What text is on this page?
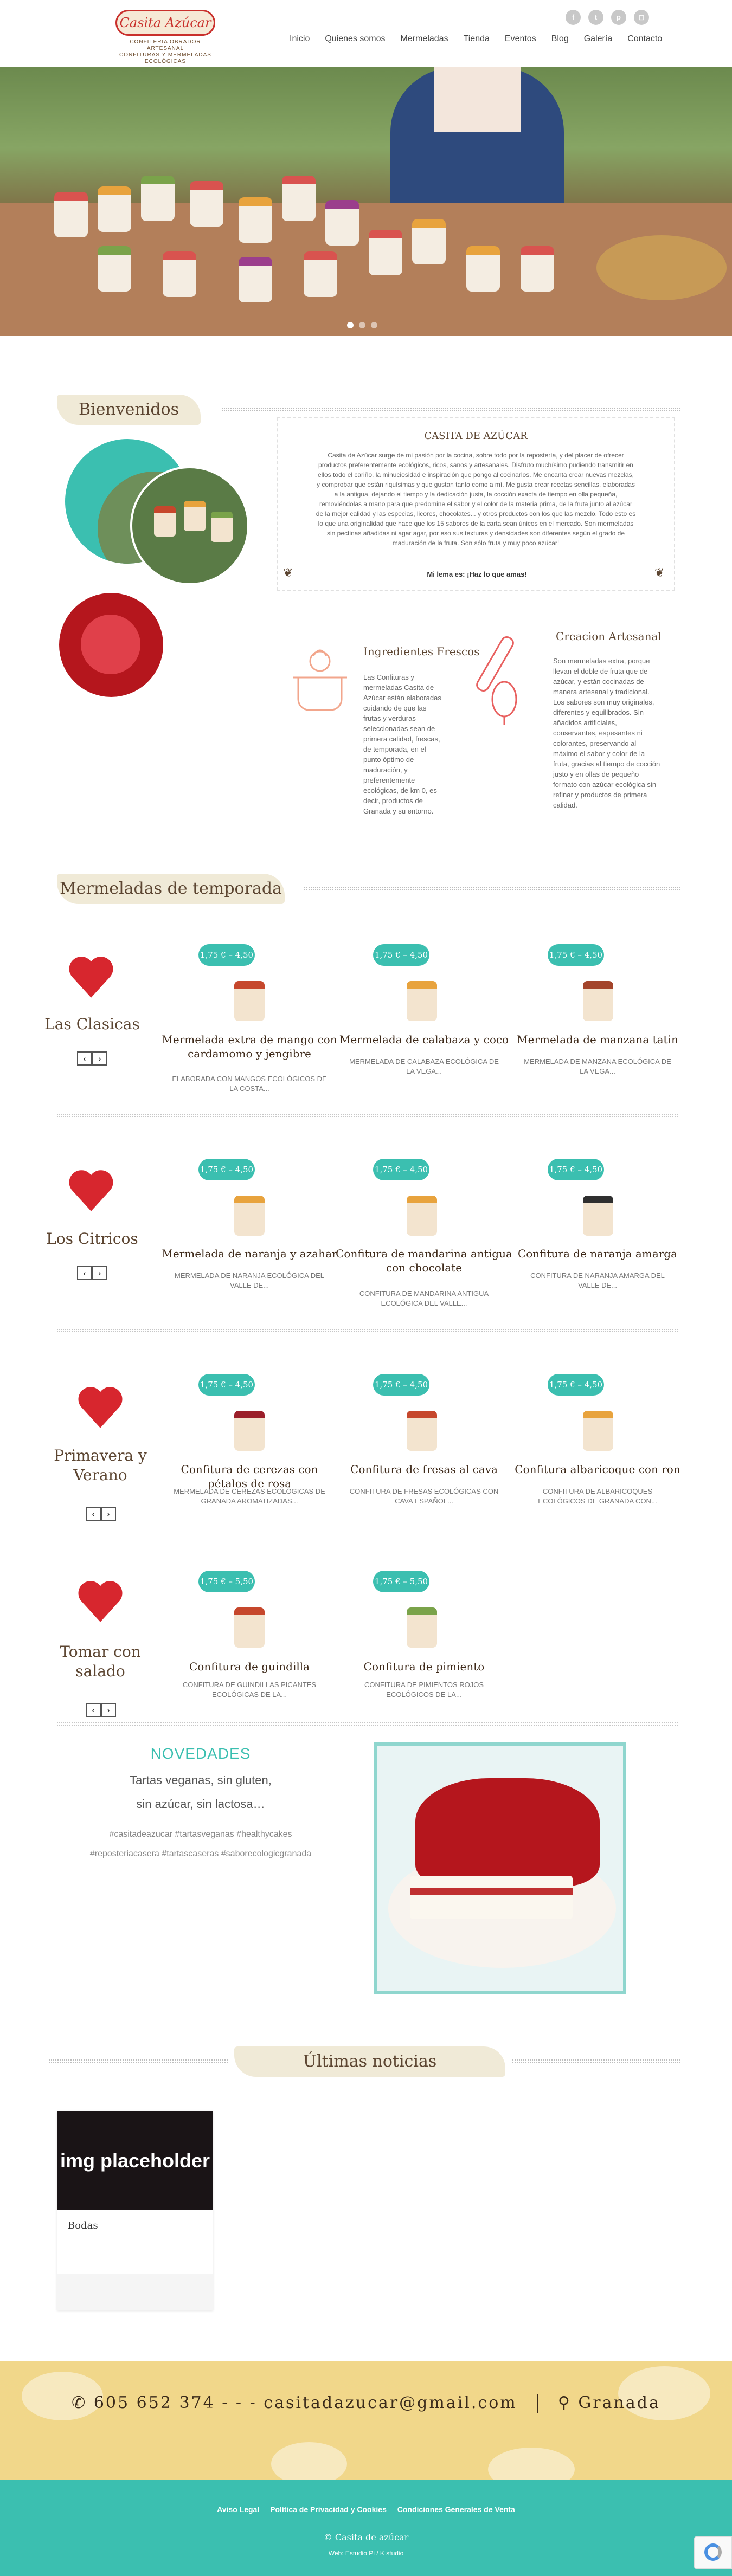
Casita Azúcar
CONFITERIA OBRADOR ARTESANAL
CONFITURAS Y MERMELADAS ECOLÓGICAS
f	t	p	◻
Inicio	Quienes somos	Mermeladas	Tienda	Eventos	Blog	Galería	Contacto
Bienvenidos
CASITA DE AZÚCAR
Casita de Azúcar surge de mi pasión por la cocina, sobre todo por la repostería, y del placer de ofrecer productos preferentemente ecológicos, ricos, sanos y artesanales. Disfruto muchísimo pudiendo transmitir en ellos todo el cariño, la minuciosidad e inspiración que pongo al cocinarlos. Me encanta crear nuevas mezclas, y comprobar que están riquísimas y que gustan tanto como a mí. Me gusta crear recetas sencillas, elaboradas a la antigua, dejando el tiempo y la dedicación justa, la cocción exacta de tiempo en olla pequeña, removiéndolas a mano para que predomine el sabor y el color de la materia prima, de la fruta junto al azúcar de la mejor calidad y las especias, licores, chocolates... y otros productos con los que las mezclo. Todo esto es lo que una originalidad que hace que los 15 sabores de la carta sean únicos en el mercado. Son mermeladas sin pectinas añadidas ni agar agar, por eso sus texturas y densidades son diferentes según el grado de maduración de la fruta. Son sólo fruta y muy poco azúcar!
Mi lema es: ¡Haz lo que amas!
❦	❦
Ingredientes Frescos
Las Confituras y mermeladas Casita de Azúcar están elaboradas cuidando de que las frutas y verduras seleccionadas sean de primera calidad, frescas, de temporada, en el punto óptimo de maduración, y preferentemente ecológicas, de km 0, es decir, productos de Granada y su entorno.
Creacion Artesanal
Son mermeladas extra, porque llevan el doble de fruta que de azúcar, y están cocinadas de manera artesanal y tradicional. Los sabores son muy originales, diferentes y equilibrados. Sin añadidos artificiales, conservantes, espesantes ni colorantes, preservando al máximo el sabor y color de la fruta, gracias al tiempo de cocción justo y en ollas de pequeño formato con azúcar ecológica sin refinar y productos de primera calidad.
Mermeladas de temporada
Las Clasicas
‹	›
1,75 € – 4,50 €
Mermelada extra de mango con cardamomo y jengibre
ELABORADA CON MANGOS ECOLÓGICOS DE LA COSTA...
1,75 € – 4,50 €
Mermelada de calabaza y coco
MERMELADA DE CALABAZA ECOLÓGICA DE LA VEGA...
1,75 € – 4,50 €
Mermelada de manzana tatin
MERMELADA DE MANZANA ECOLÓGICA DE LA VEGA...
Los Citricos
‹	›
1,75 € – 4,50 €
Mermelada de naranja y azahar
MERMELADA DE NARANJA ECOLÓGICA DEL VALLE DE...
1,75 € – 4,50 €
Confitura de mandarina antigua con chocolate
CONFITURA DE MANDARINA ANTIGUA ECOLÓGICA DEL VALLE...
1,75 € – 4,50 €
Confitura de naranja amarga
CONFITURA DE NARANJA AMARGA DEL VALLE DE...
Primavera y Verano
‹	›
1,75 € – 4,50 €
Confitura de cerezas con pétalos de rosa
MERMELADA DE CEREZAS ECOLÓGICAS DE GRANADA AROMATIZADAS...
1,75 € – 4,50 €
Confitura de fresas al cava
CONFITURA DE FRESAS ECOLÓGICAS CON CAVA ESPAÑOL...
1,75 € – 4,50 €
Confitura albaricoque con ron
CONFITURA DE ALBARICOQUES ECOLÓGICOS DE GRANADA CON...
Tomar con salado
‹	›
1,75 € – 5,50 €
Confitura de guindilla
CONFITURA DE GUINDILLAS PICANTES ECOLÓGICAS DE LA...
1,75 € – 5,50 €
Confitura de pimiento
CONFITURA DE PIMIENTOS ROJOS ECOLÓGICOS DE LA...
NOVEDADES
Tartas veganas, sin gluten,
sin azúcar, sin lactosa…
#casitadeazucar #tartasveganas #healthycakes
#reposteriacasera #tartascaseras #saborecologicgranada
Últimas noticias
img placeholder
Bodas
✆ 605 652 374 - - - casitadazucar@gmail.com	⚲ Granada
Aviso Legal Política de Privacidad y Cookies Condiciones Generales de Venta
© Casita de azúcar
Web: Estudio Pi / K studio
